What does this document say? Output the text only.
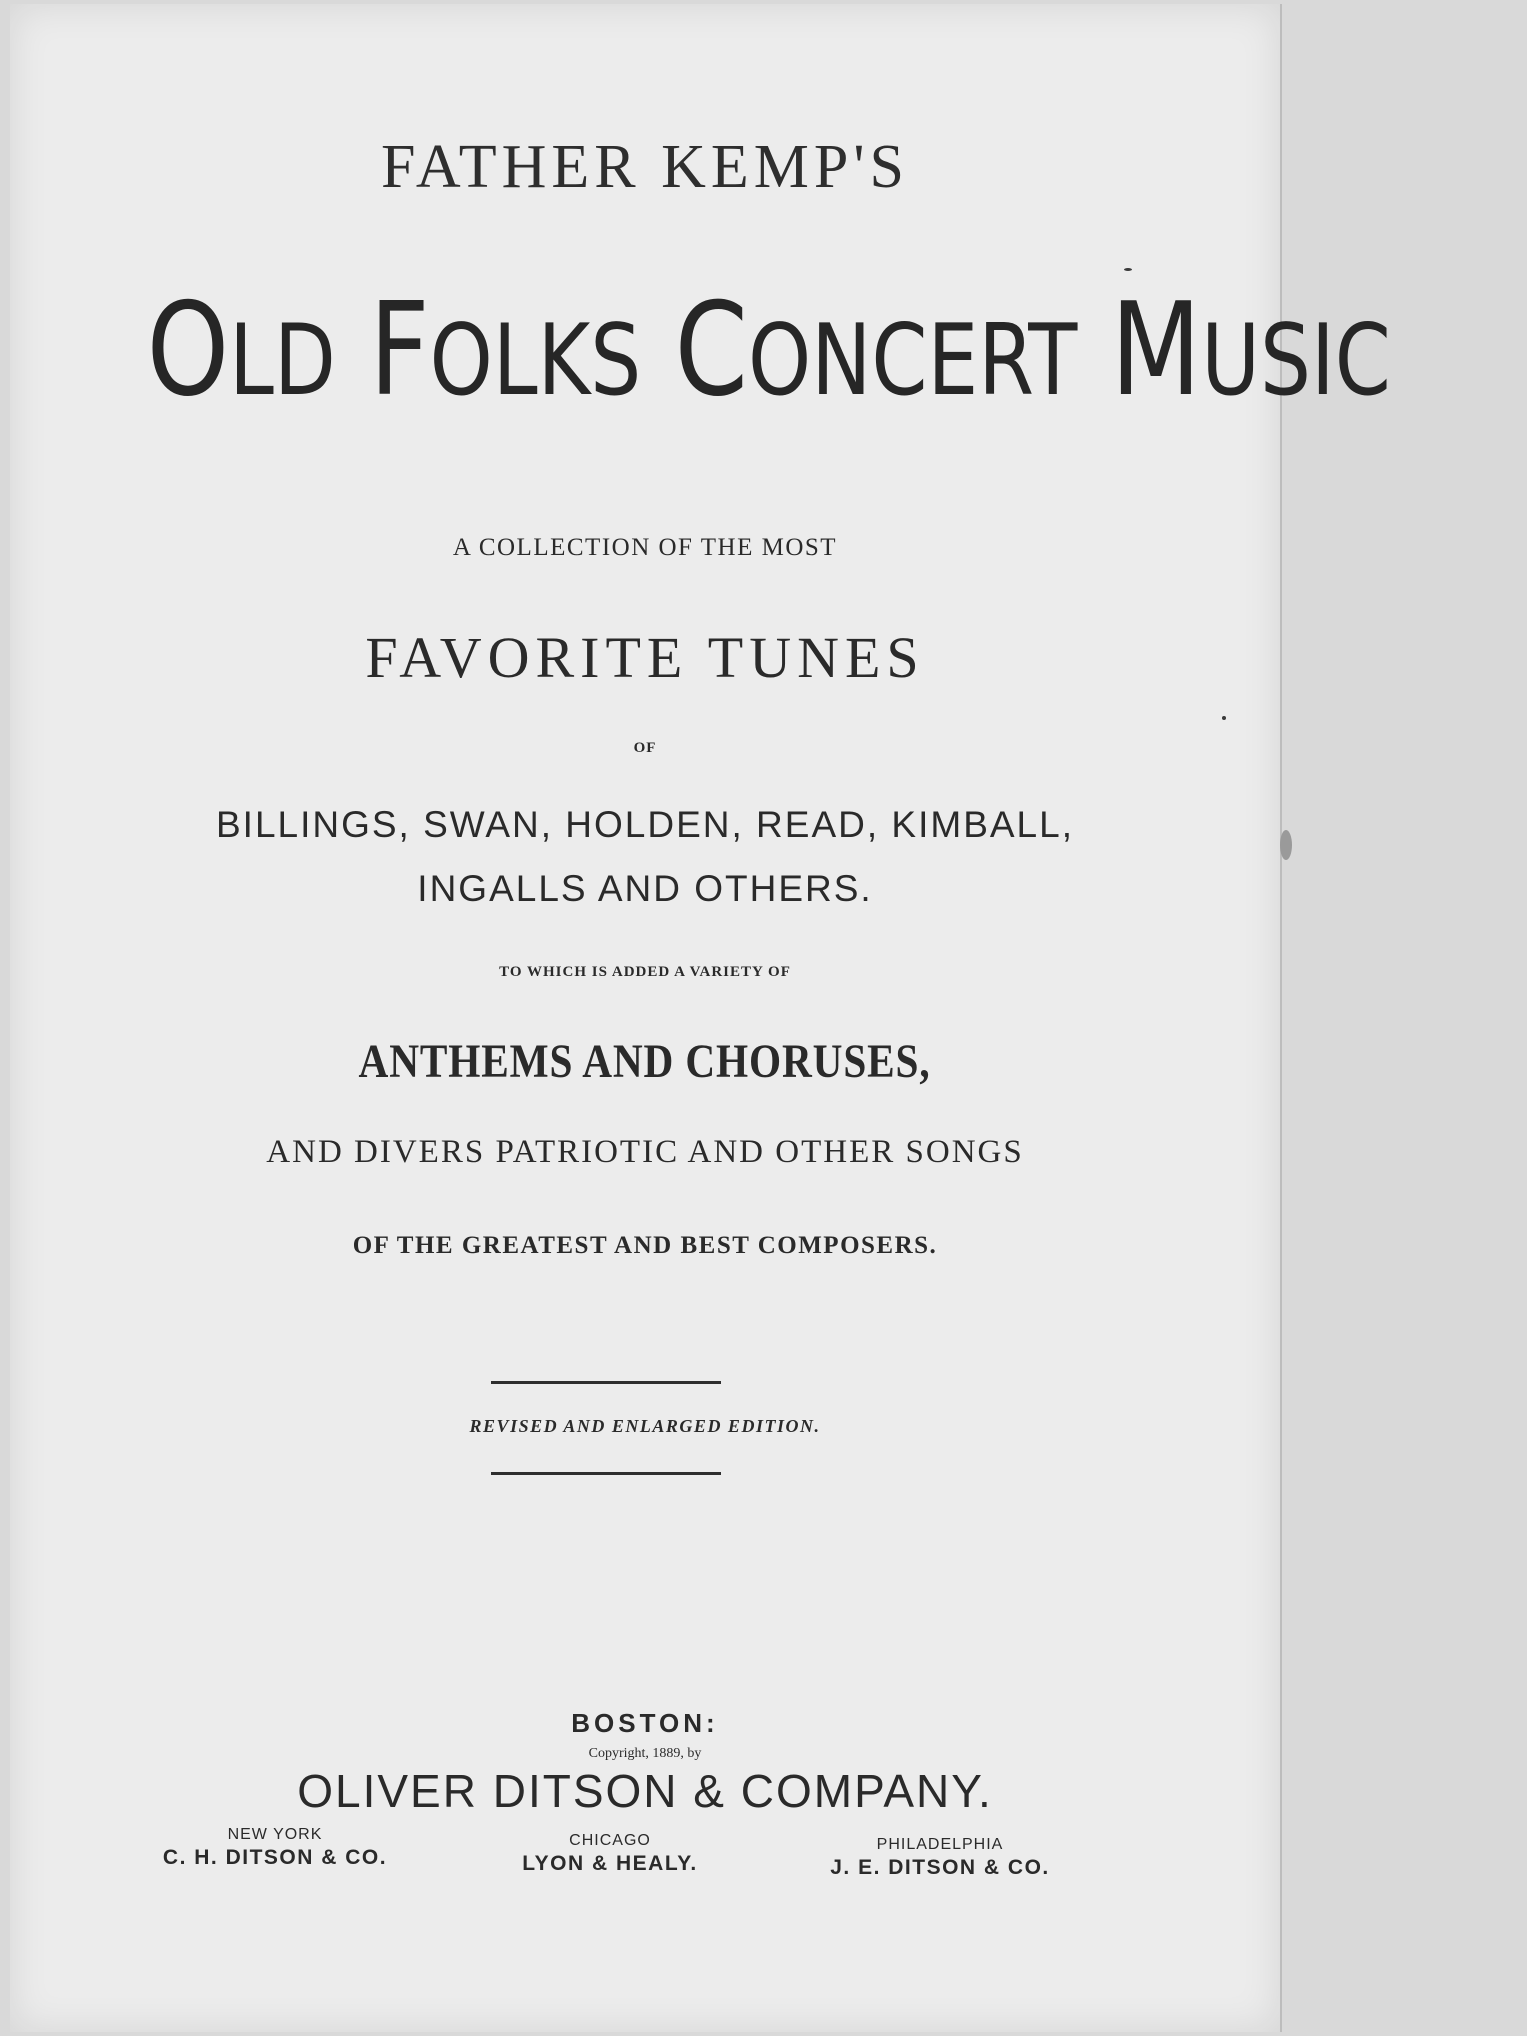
FATHER KEMP'S
OLD FOLKS CONCERT MUSIC
A COLLECTION OF THE MOST
FAVORITE TUNES
OF
BILLINGS, SWAN, HOLDEN, READ, KIMBALL,
INGALLS AND OTHERS.
TO WHICH IS ADDED A VARIETY OF
ANTHEMS AND CHORUSES,
AND DIVERS PATRIOTIC AND OTHER SONGS
OF THE GREATEST AND BEST COMPOSERS.
REVISED AND ENLARGED EDITION.
BOSTON:
Copyright, 1889, by
OLIVER DITSON & COMPANY.
NEW YORK
C. H. DITSON & CO.
CHICAGO
LYON & HEALY.
PHILADELPHIA
J. E. DITSON & CO.
